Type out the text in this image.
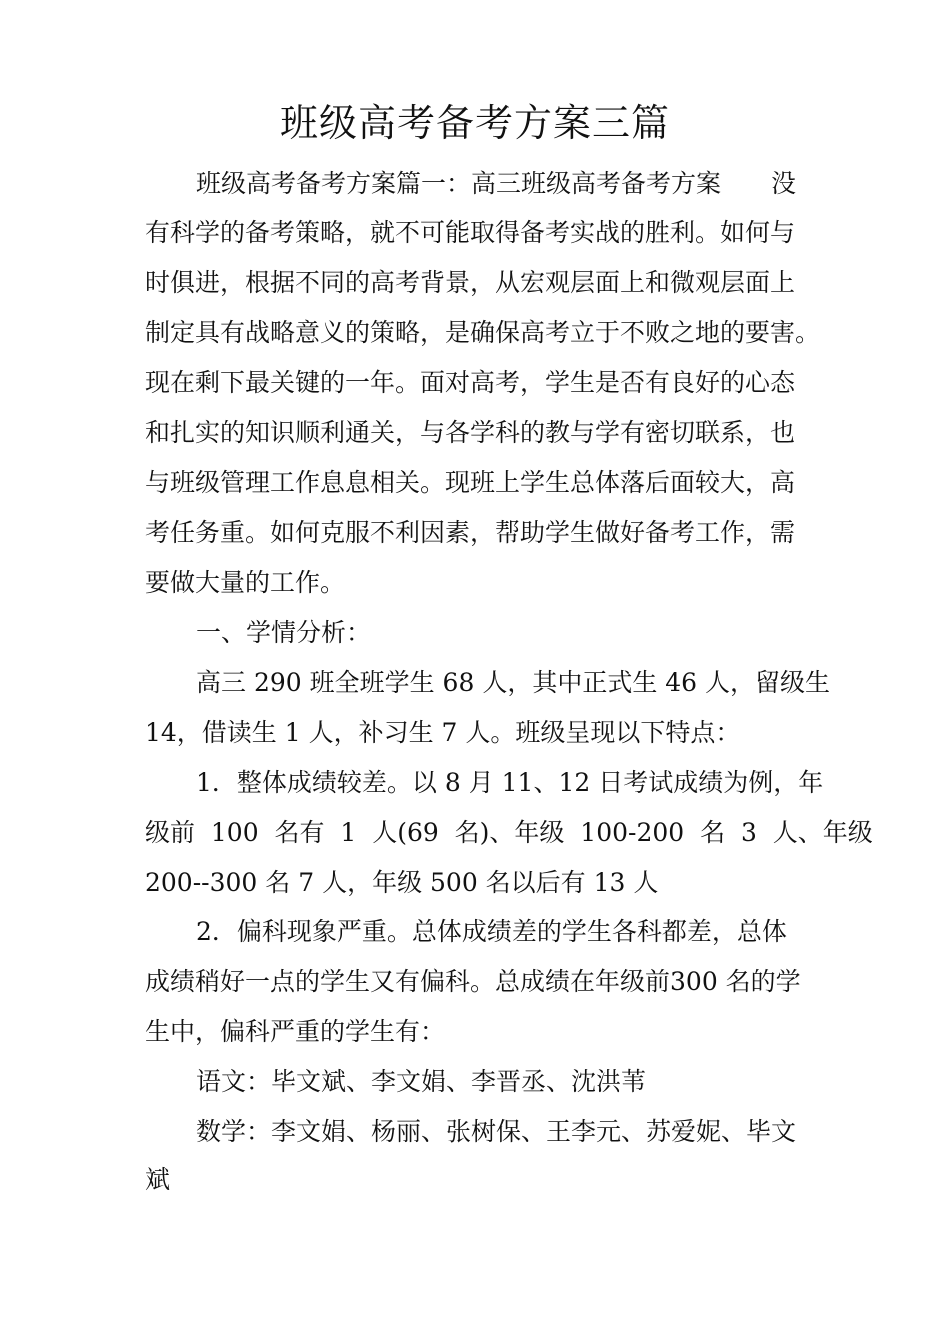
班级高考备考方案三篇

班级高考备考方案篇一：高三班级高考备考方案 没

有科学的备考策略，就不可能取得备考实战的胜利。如何与

时俱进，根据不同的高考背景，从宏观层面上和微观层面上

制定具有战略意义的策略，是确保高考立于不败之地的要害。

现在剩下最关键的一年。面对高考，学生是否有良好的心态

和扎实的知识顺利通关，与各学科的教与学有密切联系，也

与班级管理工作息息相关。现班上学生总体落后面较大，高

考任务重。如何克服不利因素，帮助学生做好备考工作，需

要做大量的工作。

一、学情分析：

高三 290 班全班学生 68 人，其中正式生 46 人，留级生

14，借读生 1 人，补习生 7 人。班级呈现以下特点：

1．整体成绩较差。以 8 月 11、12 日考试成绩为例，年

级前  100  名有  1  人(69  名)、年级  100-200  名  3  人、年级

200--300 名 7 人，年级 500 名以后有 13 人

2．偏科现象严重。总体成绩差的学生各科都差，总体

成绩稍好一点的学生又有偏科。总成绩在年级前300 名的学

生中，偏科严重的学生有：

语文：毕文斌、李文娟、李晋丞、沈洪苇

数学：李文娟、杨丽、张树保、王李元、苏爱妮、毕文

斌
